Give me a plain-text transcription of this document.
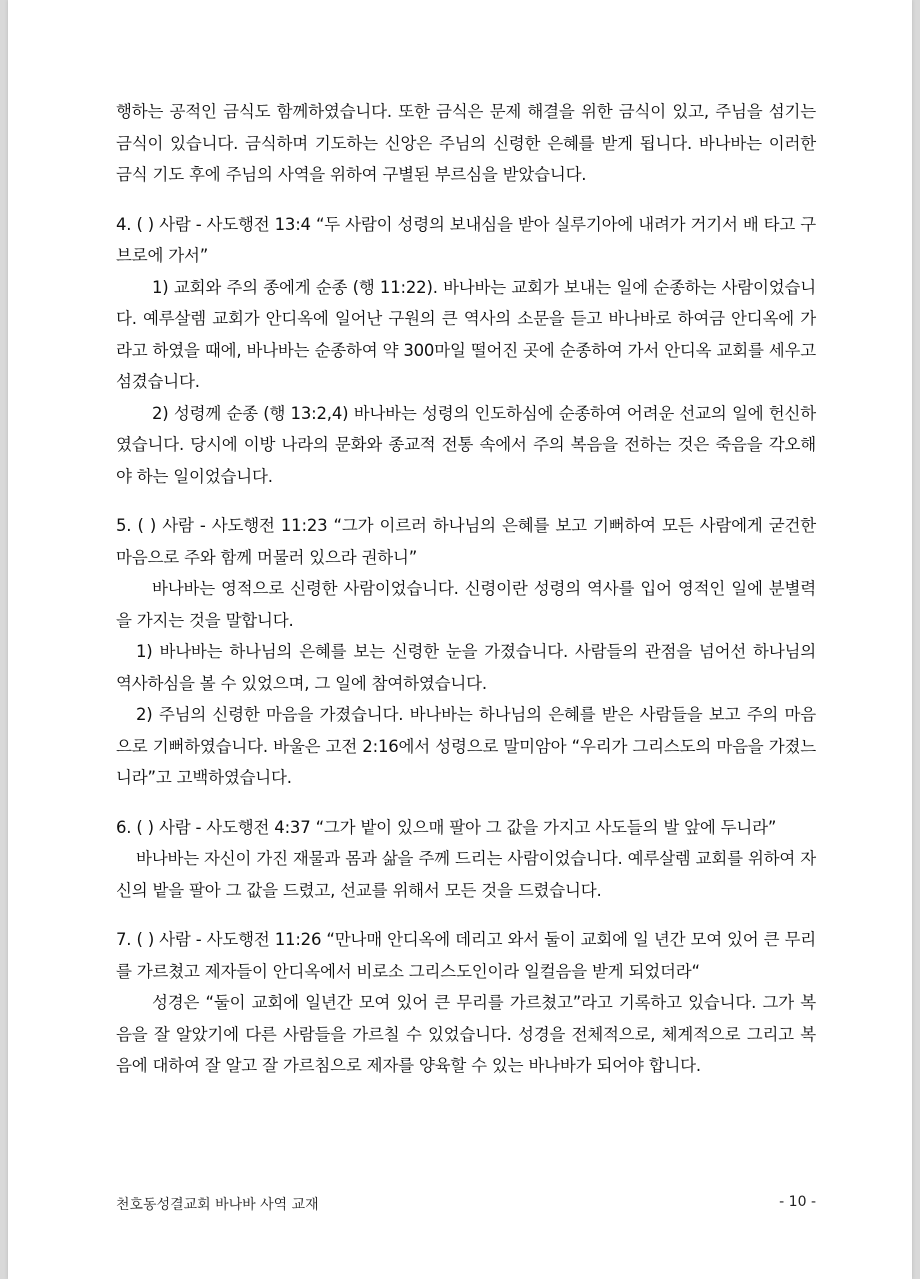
행하는 공적인 금식도 함께하였습니다. 또한 금식은 문제 해결을 위한 금식이 있고, 주님을 섬기는 금식이 있습니다. 금식하며 기도하는 신앙은 주님의 신령한 은혜를 받게 됩니다. 바나바는 이러한 금식 기도 후에 주님의 사역을 위하여 구별된 부르심을 받았습니다.

4. ( ) 사람 - 사도행전 13:4 “두 사람이 성령의 보내심을 받아 실루기아에 내려가 거기서 배 타고 구브로에 가서”

1) 교회와 주의 종에게 순종 (행 11:22). 바나바는 교회가 보내는 일에 순종하는 사람이었습니다. 예루살렘 교회가 안디옥에 일어난 구원의 큰 역사의 소문을 듣고 바나바로 하여금 안디옥에 가라고 하였을 때에, 바나바는 순종하여 약 300마일 떨어진 곳에 순종하여 가서 안디옥 교회를 세우고 섬겼습니다.

2) 성령께 순종 (행 13:2,4) 바나바는 성령의 인도하심에 순종하여 어려운 선교의 일에 헌신하였습니다. 당시에 이방 나라의 문화와 종교적 전통 속에서 주의 복음을 전하는 것은 죽음을 각오해야 하는 일이었습니다.

5. ( ) 사람 - 사도행전 11:23 “그가 이르러 하나님의 은혜를 보고 기뻐하여 모든 사람에게 굳건한 마음으로 주와 함께 머물러 있으라 권하니”

바나바는 영적으로 신령한 사람이었습니다. 신령이란 성령의 역사를 입어 영적인 일에 분별력을 가지는 것을 말합니다.

1) 바나바는 하나님의 은혜를 보는 신령한 눈을 가졌습니다. 사람들의 관점을 넘어선 하나님의 역사하심을 볼 수 있었으며, 그 일에 참여하였습니다.

2) 주님의 신령한 마음을 가졌습니다. 바나바는 하나님의 은혜를 받은 사람들을 보고 주의 마음으로 기뻐하였습니다. 바울은 고전 2:16에서 성령으로 말미암아 “우리가 그리스도의 마음을 가졌느니라”고 고백하였습니다.

6. ( ) 사람 - 사도행전 4:37 “그가 밭이 있으매 팔아 그 값을 가지고 사도들의 발 앞에 두니라”

바나바는 자신이 가진 재물과 몸과 삶을 주께 드리는 사람이었습니다. 예루살렘 교회를 위하여 자신의 밭을 팔아 그 값을 드렸고, 선교를 위해서 모든 것을 드렸습니다.

7. ( ) 사람 - 사도행전 11:26 “만나매 안디옥에 데리고 와서 둘이 교회에 일 년간 모여 있어 큰 무리를 가르쳤고 제자들이 안디옥에서 비로소 그리스도인이라 일컬음을 받게 되었더라“

성경은 “둘이 교회에 일년간 모여 있어 큰 무리를 가르쳤고”라고 기록하고 있습니다. 그가 복음을 잘 알았기에 다른 사람들을 가르칠 수 있었습니다. 성경을 전체적으로, 체계적으로 그리고 복음에 대하여 잘 알고 잘 가르침으로 제자를 양육할 수 있는 바나바가 되어야 합니다.

천호동성결교회 바나바 사역 교재	- 10 -
